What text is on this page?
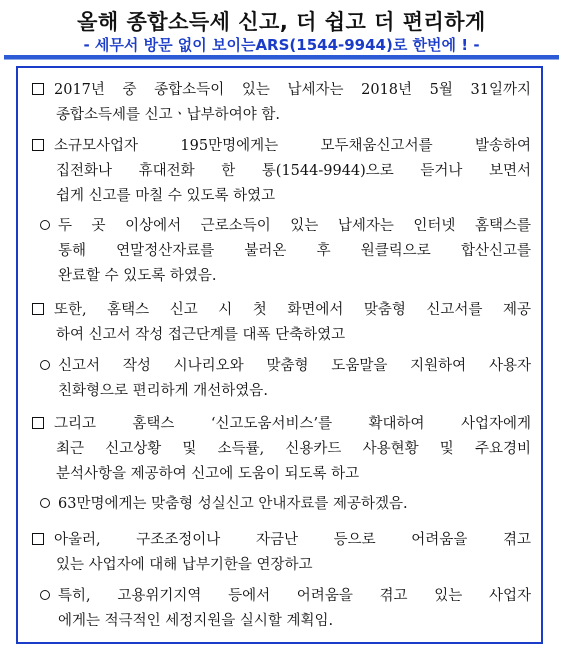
올해 종합소득세 신고, 더 쉽고 더 편리하게
- 세무서 방문 없이 보이는ARS(1544-9944)로 한번에 ! -
2017년 중 종합소득이 있는 납세자는 2018년 5월 31일까지
종합소득세를 신고ㆍ납부하여야 함.
소규모사업자 195만명에게는 모두채움신고서를 발송하여
집전화나 휴대전화 한 통(1544-9944)으로 듣거나 보면서
쉽게 신고를 마칠 수 있도록 하였고
두 곳 이상에서 근로소득이 있는 납세자는 인터넷 홈택스를
통해 연말정산자료를 불러온 후 원클릭으로 합산신고를
완료할 수 있도록 하였음.
또한, 홈택스 신고 시 첫 화면에서 맞춤형 신고서를 제공
하여 신고서 작성 접근단계를 대폭 단축하였고
신고서 작성 시나리오와 맞춤형 도움말을 지원하여 사용자
친화형으로 편리하게 개선하였음.
그리고 홈택스 ‘신고도움서비스’를 확대하여 사업자에게
최근 신고상황 및 소득률, 신용카드 사용현황 및 주요경비
분석사항을 제공하여 신고에 도움이 되도록 하고
63만명에게는 맞춤형 성실신고 안내자료를 제공하겠음.
아울러, 구조조정이나 자금난 등으로 어려움을 겪고
있는 사업자에 대해 납부기한을 연장하고
특히, 고용위기지역 등에서 어려움을 겪고 있는 사업자
에게는 적극적인 세정지원을 실시할 계획임.
